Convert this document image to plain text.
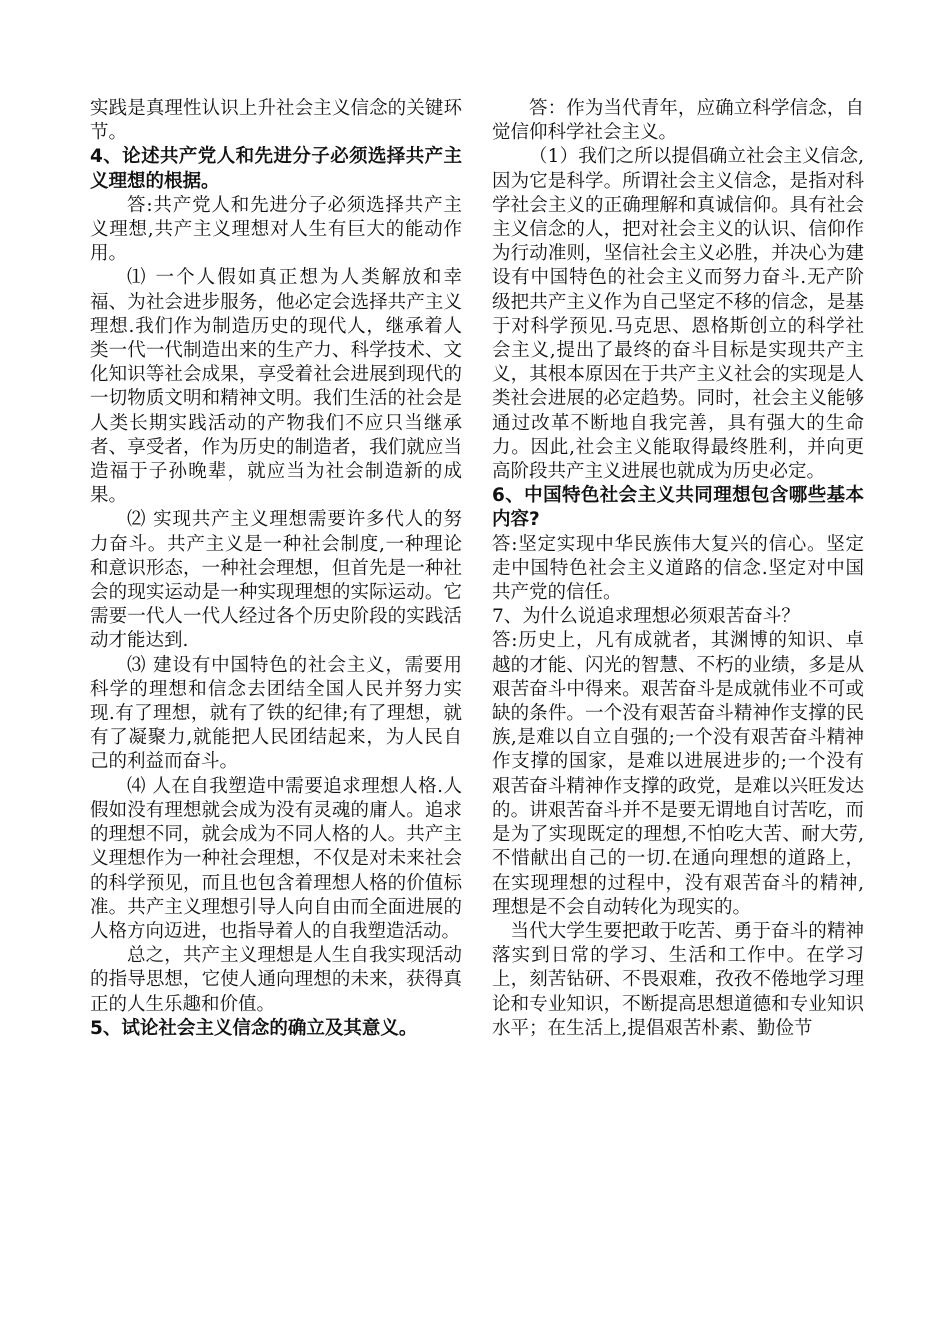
实践是真理性认识上升社会主义信念的关键环节。

4、论述共产党人和先进分子必须选择共产主义理想的根据。

答:共产党人和先进分子必须选择共产主义理想,共产主义理想对人生有巨大的能动作用。

⑴ 一个人假如真正想为人类解放和幸福、为社会进步服务，他必定会选择共产主义理想.我们作为制造历史的现代人，继承着人类一代一代制造出来的生产力、科学技术、文化知识等社会成果，享受着社会进展到现代的一切物质文明和精神文明。我们生活的社会是人类长期实践活动的产物我们不应只当继承者、享受者，作为历史的制造者，我们就应当造福于子孙晚辈，就应当为社会制造新的成果。

⑵ 实现共产主义理想需要许多代人的努力奋斗。共产主义是一种社会制度,一种理论和意识形态，一种社会理想，但首先是一种社会的现实运动是一种实现理想的实际运动。它需要一代人一代人经过各个历史阶段的实践活动才能达到.

⑶ 建设有中国特色的社会主义，需要用科学的理想和信念去团结全国人民并努力实现.有了理想，就有了铁的纪律;有了理想，就有了凝聚力,就能把人民团结起来，为人民自己的利益而奋斗。

⑷ 人在自我塑造中需要追求理想人格.人假如没有理想就会成为没有灵魂的庸人。追求的理想不同，就会成为不同人格的人。共产主义理想作为一种社会理想，不仅是对未来社会的科学预见，而且也包含着理想人格的价值标准。共产主义理想引导人向自由而全面进展的人格方向迈进，也指导着人的自我塑造活动。

总之，共产主义理想是人生自我实现活动的指导思想，它使人通向理想的未来，获得真正的人生乐趣和价值。

5、试论社会主义信念的确立及其意义。

答：作为当代青年，应确立科学信念，自觉信仰科学社会主义。

（1）我们之所以提倡确立社会主义信念,因为它是科学。所谓社会主义信念，是指对科学社会主义的正确理解和真诚信仰。具有社会主义信念的人，把对社会主义的认识、信仰作为行动准则，坚信社会主义必胜，并决心为建设有中国特色的社会主义而努力奋斗.无产阶级把共产主义作为自己坚定不移的信念，是基于对科学预见.马克思、恩格斯创立的科学社会主义,提出了最终的奋斗目标是实现共产主义，其根本原因在于共产主义社会的实现是人类社会进展的必定趋势。同时，社会主义能够通过改革不断地自我完善，具有强大的生命力。因此,社会主义能取得最终胜利，并向更高阶段共产主义进展也就成为历史必定。

6、中国特色社会主义共同理想包含哪些基本内容?

答:坚定实现中华民族伟大复兴的信心。坚定走中国特色社会主义道路的信念.坚定对中国共产党的信任。

7、为什么说追求理想必须艰苦奋斗？

答:历史上，凡有成就者，其渊博的知识、卓越的才能、闪光的智慧、不朽的业绩，多是从艰苦奋斗中得来。艰苦奋斗是成就伟业不可或缺的条件。一个没有艰苦奋斗精神作支撑的民族,是难以自立自强的;一个没有艰苦奋斗精神作支撑的国家，是难以进展进步的;一个没有艰苦奋斗精神作支撑的政党，是难以兴旺发达的。讲艰苦奋斗并不是要无谓地自讨苦吃，而是为了实现既定的理想,不怕吃大苦、耐大劳,不惜献出自己的一切.在通向理想的道路上，在实现理想的过程中，没有艰苦奋斗的精神,理想是不会自动转化为现实的。

当代大学生要把敢于吃苦、勇于奋斗的精神落实到日常的学习、生活和工作中。在学习上，刻苦钻研、不畏艰难，孜孜不倦地学习理论和专业知识，不断提高思想道德和专业知识水平；在生活上,提倡艰苦朴素、勤俭节
